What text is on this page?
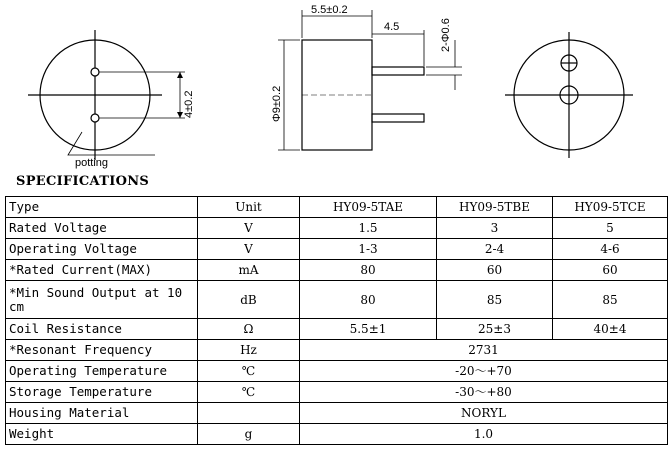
4±0.2
potting
5.5±0.2
4.5	2-Φ0.6
Φ9±0.2
SPECIFICATIONS
Type	Unit	HY09-5TAE	HY09-5TBE	HY09-5TCE
Rated Voltage	V	1.5	3	5
Operating Voltage	V	1-3	2-4	4-6
*Rated Current(MAX)	mA	80	60	60
*Min Sound Output at 10 cm	dB	80	85	85
Coil Resistance	Ω	5.5±1	25±3	40±4
*Resonant Frequency	Hz	2731		
Operating Temperature	℃	-20～+70		
Storage Temperature	℃	-30～+80		
Housing Material		NORYL		
Weight	g	1.0		
